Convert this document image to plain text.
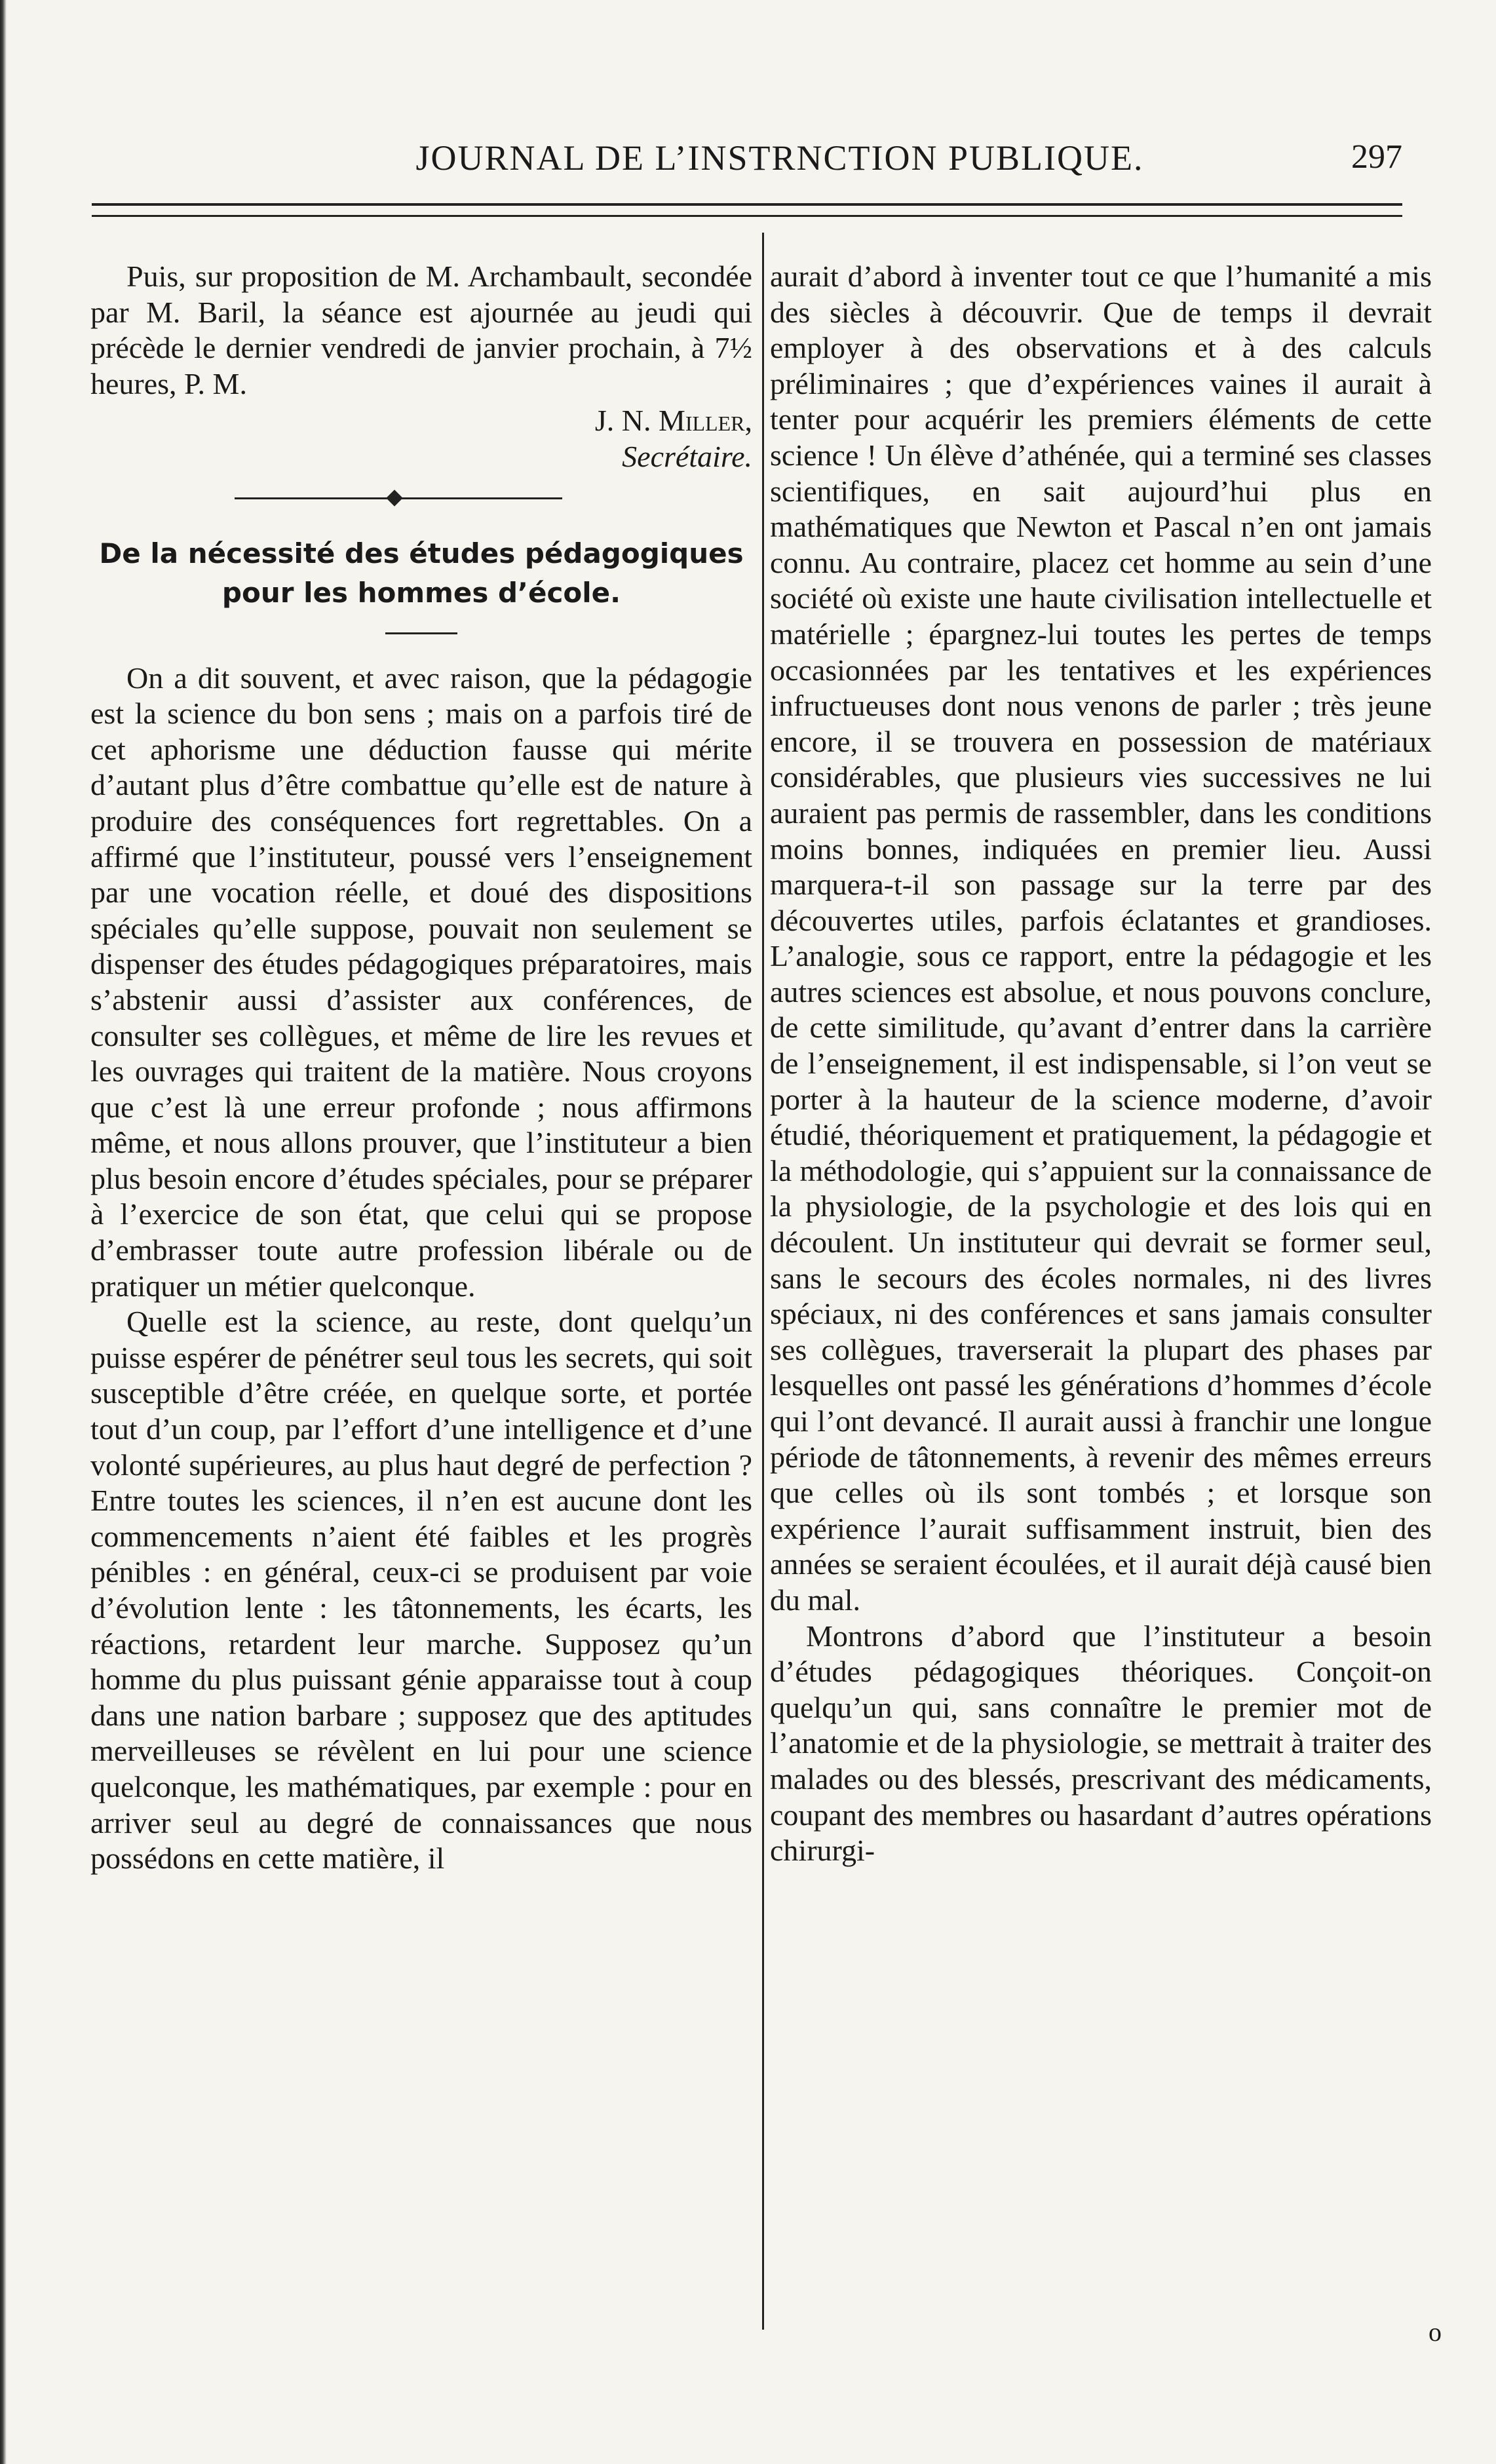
JOURNAL DE L’INSTRNCTION PUBLIQUE.	297

Puis, sur proposition de M. Archambault, secondée par M. Baril, la séance est ajournée au jeudi qui précède le dernier vendredi de janvier prochain, à 7½ heures, P. M.

J. N. Miller,
Secrétaire.
De la nécessité des études pédagogiques
pour les hommes d’école.

On a dit souvent, et avec raison, que la pédagogie est la science du bon sens ; mais on a parfois tiré de cet aphorisme une déduction fausse qui mérite d’autant plus d’être combattue qu’elle est de nature à produire des conséquences fort regrettables. On a affirmé que l’instituteur, poussé vers l’enseignement par une vocation réelle, et doué des dispositions spéciales qu’elle suppose, pouvait non seulement se dispenser des études pédagogiques préparatoires, mais s’abstenir aussi d’assister aux conférences, de consulter ses collègues, et même de lire les revues et les ouvrages qui traitent de la matière. Nous croyons que c’est là une erreur profonde ; nous affirmons même, et nous allons prouver, que l’instituteur a bien plus besoin encore d’études spéciales, pour se préparer à l’exercice de son état, que celui qui se propose d’embrasser toute autre profession libérale ou de pratiquer un métier quelconque.

Quelle est la science, au reste, dont quelqu’un puisse espérer de pénétrer seul tous les secrets, qui soit susceptible d’être créée, en quelque sorte, et portée tout d’un coup, par l’effort d’une intelligence et d’une volonté supérieures, au plus haut degré de perfection ? Entre toutes les sciences, il n’en est aucune dont les commencements n’aient été faibles et les progrès pénibles : en général, ceux-ci se produisent par voie d’évolution lente : les tâtonnements, les écarts, les réactions, retardent leur marche. Supposez qu’un homme du plus puissant génie apparaisse tout à coup dans une nation barbare ; supposez que des aptitudes merveilleuses se révèlent en lui pour une science quelconque, les mathématiques, par exemple : pour en arriver seul au degré de connaissances que nous possédons en cette matière, il

aurait d’abord à inventer tout ce que l’humanité a mis des siècles à découvrir. Que de temps il devrait employer à des observations et à des calculs préliminaires ; que d’expériences vaines il aurait à tenter pour acquérir les premiers éléments de cette science ! Un élève d’athénée, qui a terminé ses classes scientifiques, en sait aujourd’hui plus en mathématiques que Newton et Pascal n’en ont jamais connu. Au contraire, placez cet homme au sein d’une société où existe une haute civilisation intellectuelle et matérielle ; épargnez-lui toutes les pertes de temps occasionnées par les tentatives et les expériences infructueuses dont nous venons de parler ; très jeune encore, il se trouvera en possession de matériaux considérables, que plusieurs vies successives ne lui auraient pas permis de rassembler, dans les conditions moins bonnes, indiquées en premier lieu. Aussi marquera-t-il son passage sur la terre par des découvertes utiles, parfois éclatantes et grandioses. L’analogie, sous ce rapport, entre la pédagogie et les autres sciences est absolue, et nous pouvons conclure, de cette similitude, qu’avant d’entrer dans la carrière de l’enseignement, il est indispensable, si l’on veut se porter à la hauteur de la science moderne, d’avoir étudié, théoriquement et pratiquement, la pédagogie et la méthodologie, qui s’appuient sur la connaissance de la physiologie, de la psychologie et des lois qui en découlent. Un instituteur qui devrait se former seul, sans le secours des écoles normales, ni des livres spéciaux, ni des conférences et sans jamais consulter ses collègues, traverserait la plupart des phases par lesquelles ont passé les générations d’hommes d’école qui l’ont devancé. Il aurait aussi à franchir une longue période de tâtonnements, à revenir des mêmes erreurs que celles où ils sont tombés ; et lorsque son expérience l’aurait suffisamment instruit, bien des années se seraient écoulées, et il aurait déjà causé bien du mal.

Montrons d’abord que l’instituteur a besoin d’études pédagogiques théoriques. Conçoit-on quelqu’un qui, sans connaître le premier mot de l’anatomie et de la physiologie, se mettrait à traiter des malades ou des blessés, prescrivant des médicaments, coupant des membres ou hasardant d’autres opérations chirurgi-

o
